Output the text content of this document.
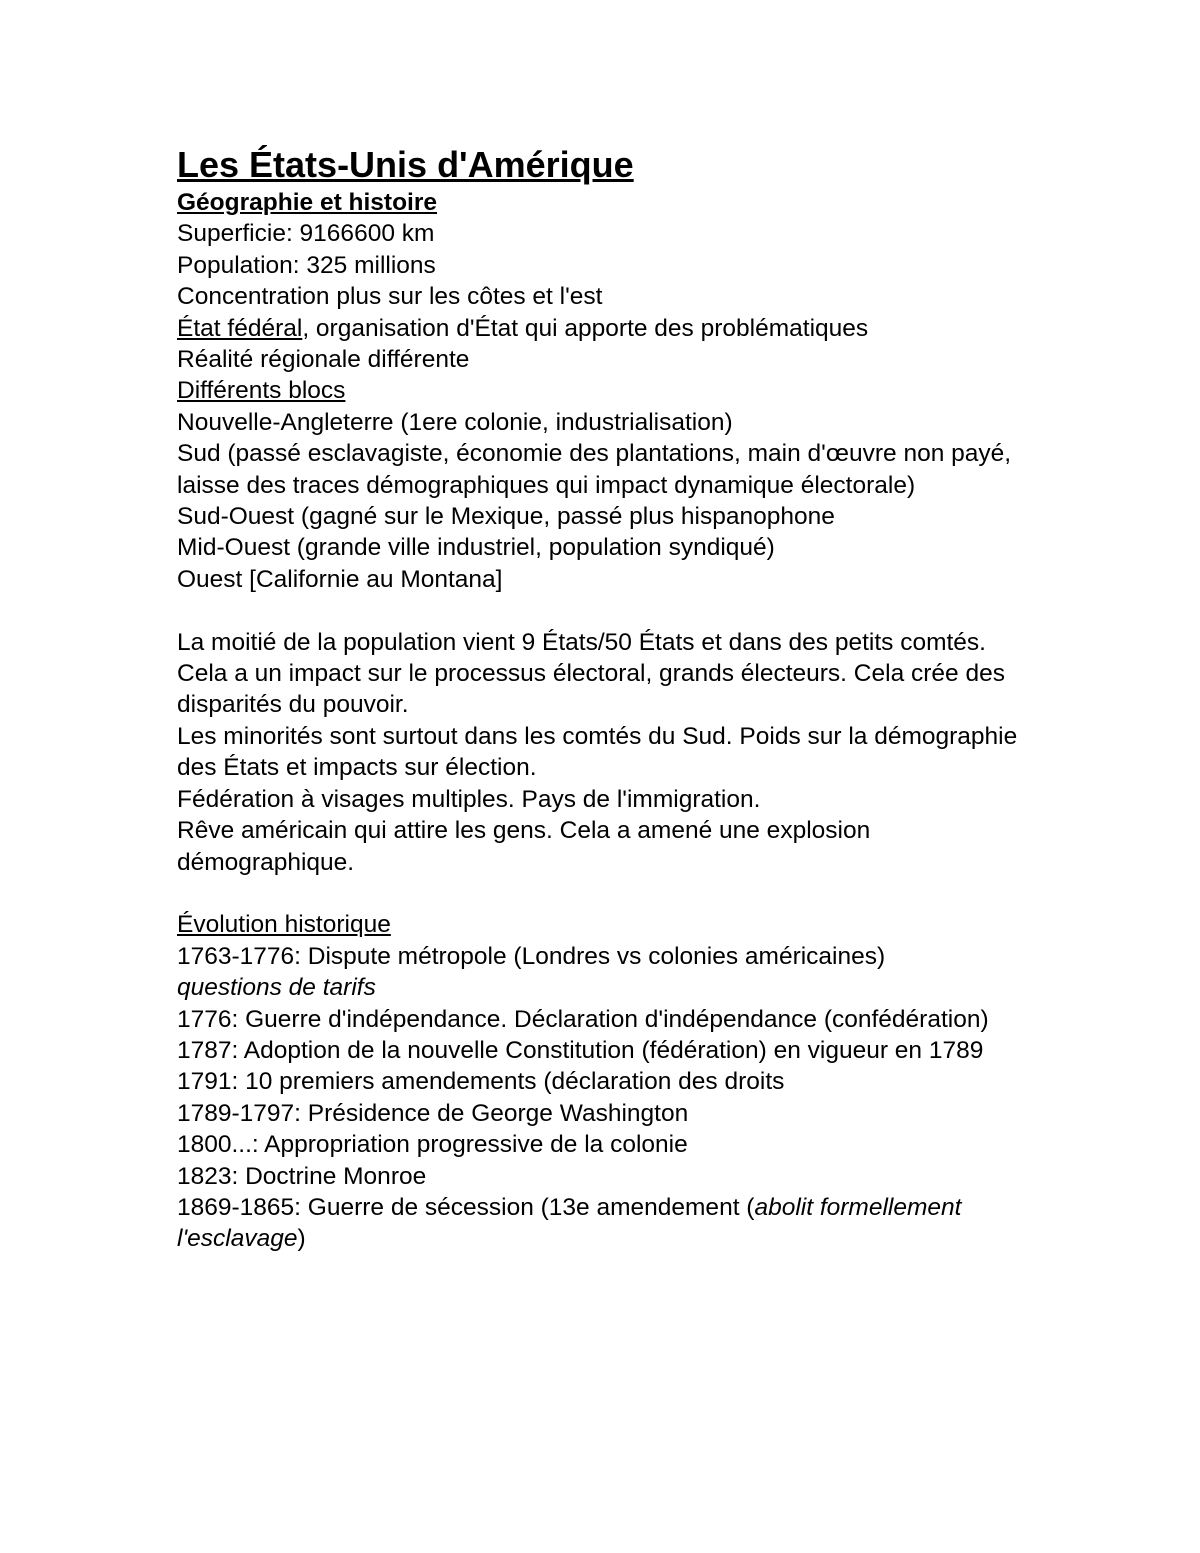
Les États-Unis d'Amérique

Géographie et histoire

Superficie: 9166600 km

Population: 325 millions

Concentration plus sur les côtes et l'est

État fédéral, organisation d'État qui apporte des problématiques

Réalité régionale différente

Différents blocs

Nouvelle-Angleterre (1ere colonie, industrialisation)

Sud (passé esclavagiste, économie des plantations, main d'œuvre non payé, laisse des traces démographiques qui impact dynamique électorale)

Sud-Ouest (gagné sur le Mexique, passé plus hispanophone

Mid-Ouest (grande ville industriel, population syndiqué)

Ouest [Californie au Montana]

La moitié de la population vient 9 États/50 États et dans des petits comtés. Cela a un impact sur le processus électoral, grands électeurs. Cela crée des disparités du pouvoir.

Les minorités sont surtout dans les comtés du Sud. Poids sur la démographie des États et impacts sur élection.

Fédération à visages multiples. Pays de l'immigration.

Rêve américain qui attire les gens. Cela a amené une explosion démographique.

Évolution historique

1763-1776: Dispute métropole (Londres vs colonies américaines)

questions de tarifs

1776: Guerre d'indépendance. Déclaration d'indépendance (confédération)

1787: Adoption de la nouvelle Constitution (fédération) en vigueur en 1789

1791: 10 premiers amendements (déclaration des droits

1789-1797: Présidence de George Washington

1800...: Appropriation progressive de la colonie

1823: Doctrine Monroe

1869-1865: Guerre de sécession (13e amendement (abolit formellement l'esclavage)
